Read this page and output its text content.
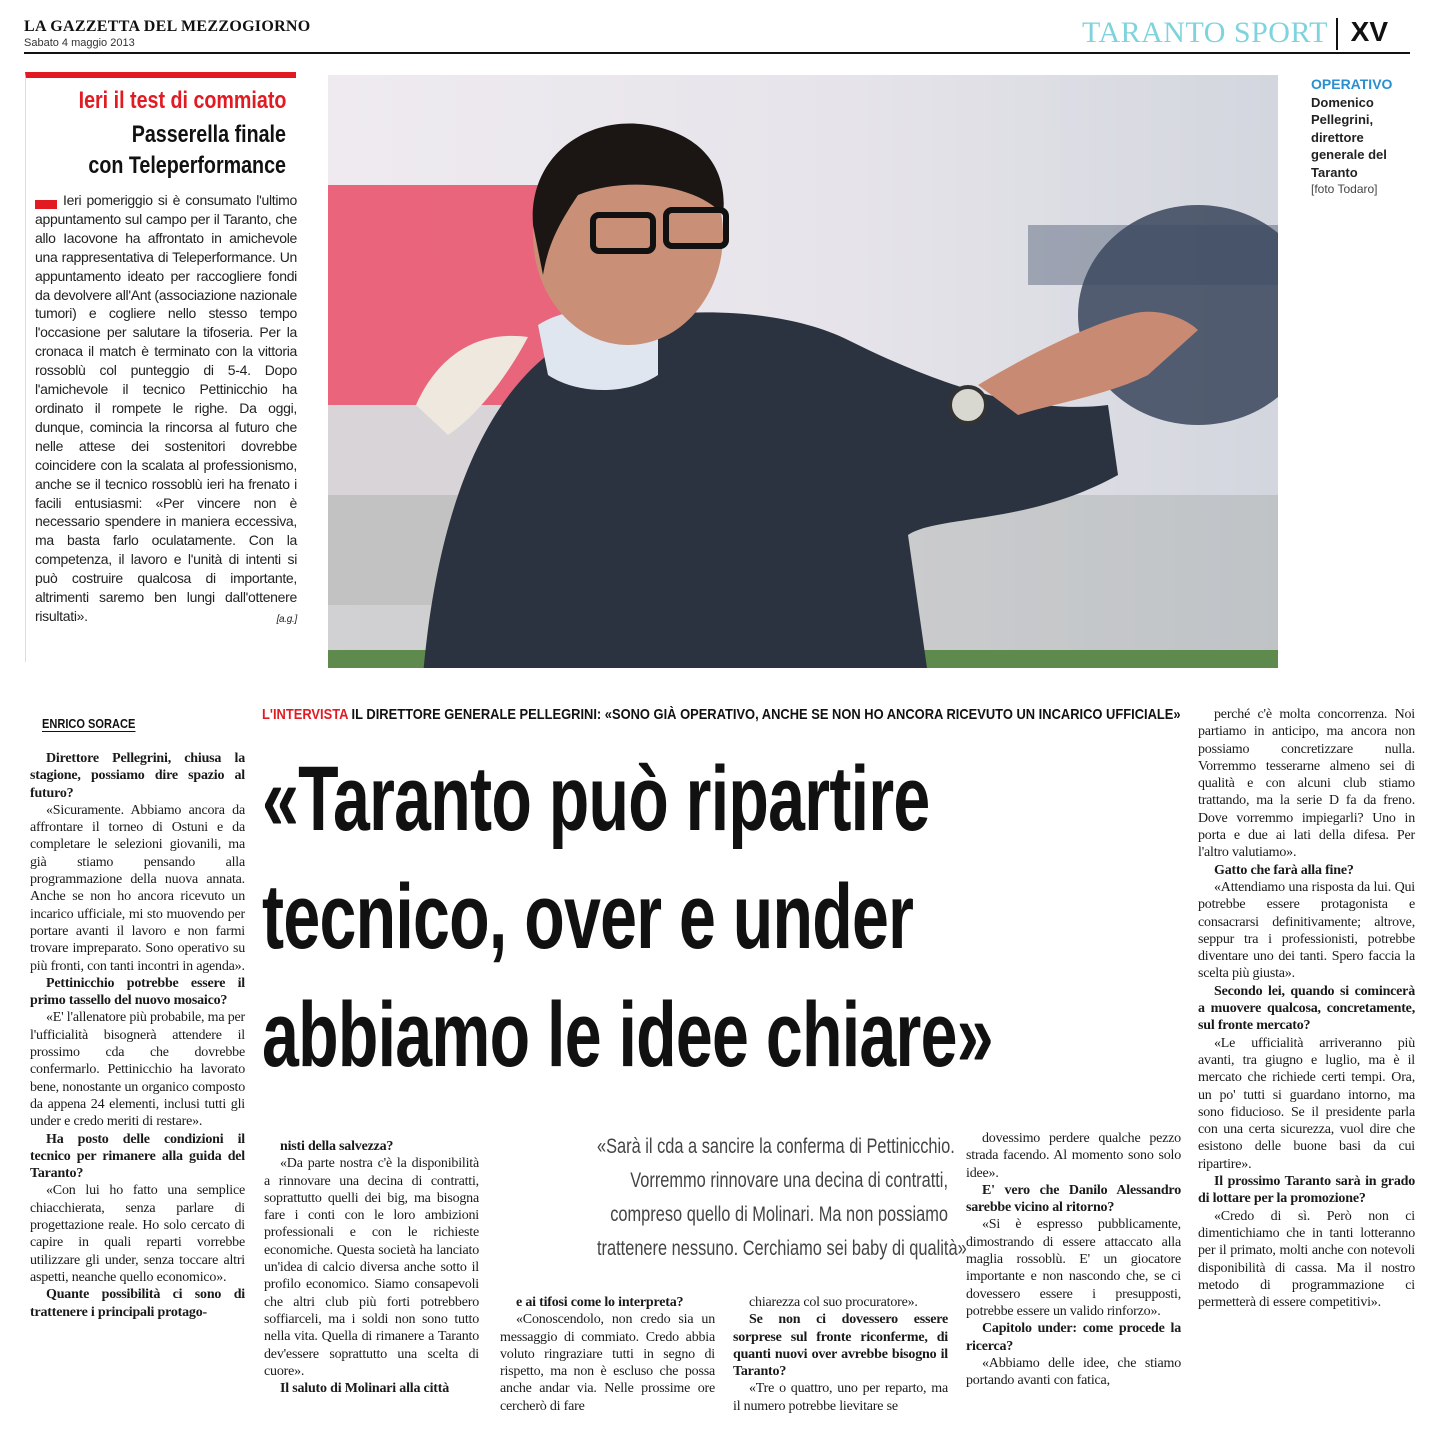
LA GAZZETTA DEL MEZZOGIORNO
Sabato 4 maggio 2013	TARANTO SPORT XV
Ieri il test di commiato
Passerella finale
con Teleperformance
Ieri pomeriggio si è consumato l'ultimo appuntamento sul campo per il Taranto, che allo Iacovone ha affrontato in amichevole una rappresentativa di Teleperformance. Un appuntamento ideato per raccogliere fondi da devolvere all'Ant (associazione nazionale tumori) e cogliere nello stesso tempo l'occasione per salutare la tifoseria. Per la cronaca il match è terminato con la vittoria rossoblù col punteggio di 5-4. Dopo l'amichevole il tecnico Pettinicchio ha ordinato il rompete le righe. Da oggi, dunque, comincia la rincorsa al futuro che nelle attese dei sostenitori dovrebbe coincidere con la scalata al professionismo, anche se il tecnico rossoblù ieri ha frenato i facili entusiasmi: «Per vincere non è necessario spendere in maniera eccessiva, ma basta farlo oculatamente. Con la competenza, il lavoro e l'unità di intenti si può costruire qualcosa di importante, altrimenti saremo ben lungi dall'ottenere risultati».	[a.g.]
OPERATIVO
Domenico Pellegrini, direttore generale del Taranto
[foto Todaro]
ENRICO SORACE
L'INTERVISTA IL DIRETTORE GENERALE PELLEGRINI: «SONO GIÀ OPERATIVO, ANCHE SE NON HO ANCORA RICEVUTO UN INCARICO UFFICIALE»
«Taranto può ripartire
tecnico, over e under
abbiamo le idee chiare»
«Sarà il cda a sancire la conferma di Pettinicchio.
Vorremmo rinnovare una decina di contratti,
compreso quello di Molinari. Ma non possiamo
trattenere nessuno. Cerchiamo sei baby di qualità»

Direttore Pellegrini, chiusa la stagione, possiamo dire spazio al futuro?

«Sicuramente. Abbiamo ancora da affrontare il torneo di Ostuni e da completare le selezioni giovanili, ma già stiamo pensando alla programmazione della nuova annata. Anche se non ho ancora ricevuto un incarico ufficiale, mi sto muovendo per portare avanti il lavoro e non farmi trovare impreparato. Sono operativo su più fronti, con tanti incontri in agenda».

Pettinicchio potrebbe essere il primo tassello del nuovo mosaico?

«E' l'allenatore più probabile, ma per l'ufficialità bisognerà attendere il prossimo cda che dovrebbe confermarlo. Pettinicchio ha lavorato bene, nonostante un organico composto da appena 24 elementi, inclusi tutti gli under e credo meriti di restare».

Ha posto delle condizioni il tecnico per rimanere alla guida del Taranto?

«Con lui ho fatto una semplice chiacchierata, senza parlare di progettazione reale. Ho solo cercato di capire in quali reparti vorrebbe utilizzare gli under, senza toccare altri aspetti, neanche quello economico».

Quante possibilità ci sono di trattenere i principali protago-

nisti della salvezza?

«Da parte nostra c'è la disponibilità a rinnovare una decina di contratti, soprattutto quelli dei big, ma bisogna fare i conti con le loro ambizioni professionali e con le richieste economiche. Questa società ha lanciato un'idea di calcio diversa anche sotto il profilo economico. Siamo consapevoli che altri club più forti potrebbero soffiarceli, ma i soldi non sono tutto nella vita. Quella di rimanere a Taranto dev'essere soprattutto una scelta di cuore».

Il saluto di Molinari alla città

e ai tifosi come lo interpreta?

«Conoscendolo, non credo sia un messaggio di commiato. Credo abbia voluto ringraziare tutti in segno di rispetto, ma non è escluso che possa anche andar via. Nelle prossime ore cercherò di fare

chiarezza col suo procuratore».

Se non ci dovessero essere sorprese sul fronte riconferme, di quanti nuovi over avrebbe bisogno il Taranto?

«Tre o quattro, uno per reparto, ma il numero potrebbe lievitare se

dovessimo perdere qualche pezzo strada facendo. Al momento sono solo idee».

E' vero che Danilo Alessandro sarebbe vicino al ritorno?

«Si è espresso pubblicamente, dimostrando di essere attaccato alla maglia rossoblù. E' un giocatore importante e non nascondo che, se ci dovessero essere i presupposti, potrebbe essere un valido rinforzo».

Capitolo under: come procede la ricerca?

«Abbiamo delle idee, che stiamo portando avanti con fatica,

perché c'è molta concorrenza. Noi partiamo in anticipo, ma ancora non possiamo concretizzare nulla. Vorremmo tesserarne almeno sei di qualità e con alcuni club stiamo trattando, ma la serie D fa da freno. Dove vorremmo impiegarli? Uno in porta e due ai lati della difesa. Per l'altro valutiamo».

Gatto che farà alla fine?

«Attendiamo una risposta da lui. Qui potrebbe essere protagonista e consacrarsi definitivamente; altrove, seppur tra i professionisti, potrebbe diventare uno dei tanti. Spero faccia la scelta più giusta».

Secondo lei, quando si comincerà a muovere qualcosa, concretamente, sul fronte mercato?

«Le ufficialità arriveranno più avanti, tra giugno e luglio, ma è il mercato che richiede certi tempi. Ora, un po' tutti si guardano intorno, ma sono fiducioso. Se il presidente parla con una certa sicurezza, vuol dire che esistono delle buone basi da cui ripartire».

Il prossimo Taranto sarà in grado di lottare per la promozione?

«Credo di sì. Però non ci dimentichiamo che in tanti lotteranno per il primato, molti anche con notevoli disponibilità di cassa. Ma il nostro metodo di programmazione ci permetterà di essere competitivi».
